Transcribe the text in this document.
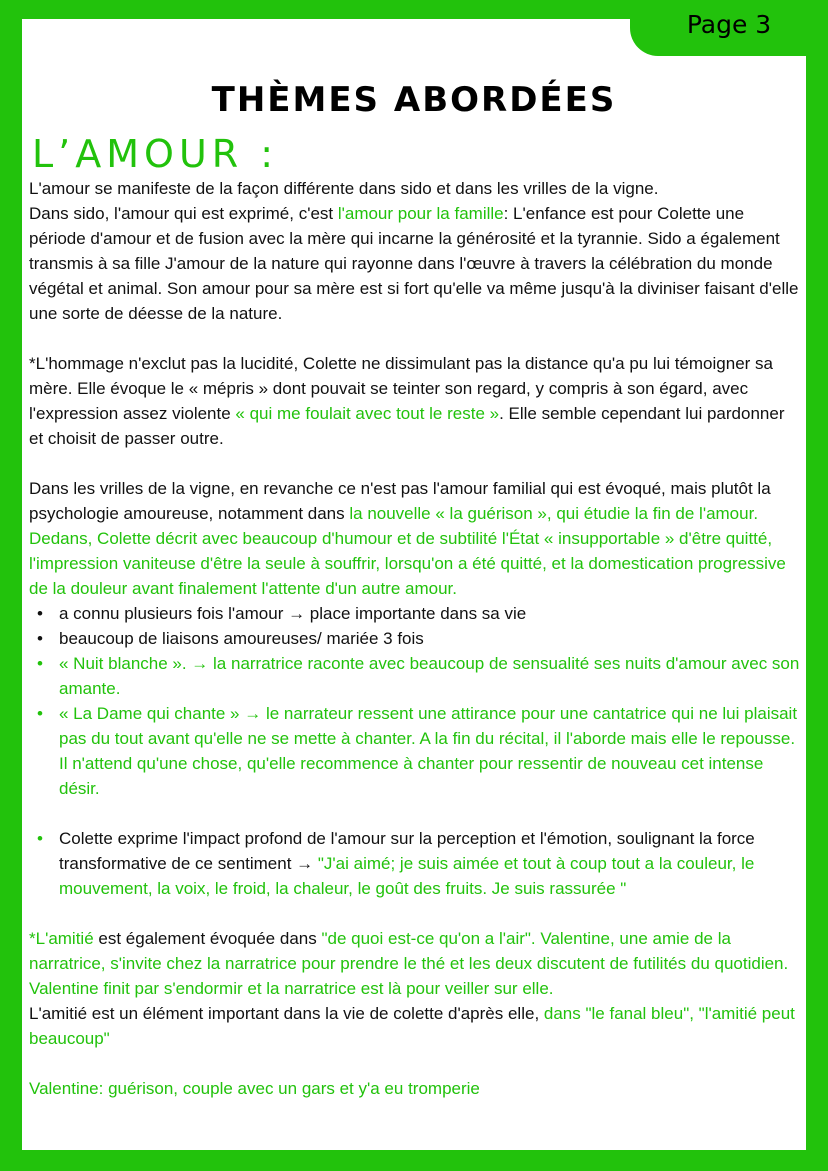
Page 3
THÈMES ABORDÉES
L’AMOUR :

L'amour se manifeste de la façon différente dans sido et dans les vrilles de la vigne.
Dans sido, l'amour qui est exprimé, c'est l'amour pour la famille: L'enfance est pour Colette une période d'amour et de fusion avec la mère qui incarne la générosité et la tyrannie. Sido a également transmis à sa fille J'amour de la nature qui rayonne dans l'œuvre à travers la célébration du monde végétal et animal. Son amour pour sa mère est si fort qu'elle va même jusqu'à la diviniser faisant d'elle une sorte de déesse de la nature.

*L'hommage n'exclut pas la lucidité, Colette ne dissimulant pas la distance qu'a pu lui témoigner sa mère. Elle évoque le « mépris » dont pouvait se teinter son regard, y compris à son égard, avec l'expression assez violente « qui me foulait avec tout le reste ». Elle semble cependant lui pardonner et choisit de passer outre.

Dans les vrilles de la vigne, en revanche ce n'est pas l'amour familial qui est évoqué, mais plutôt la psychologie amoureuse, notamment dans la nouvelle « la guérison », qui étudie la fin de l'amour. Dedans, Colette décrit avec beaucoup d'humour et de subtilité l'État « insupportable » d'être quitté, l'impression vaniteuse d'être la seule à souffrir, lorsqu'on a été quitté, et la domestication progressive de la douleur avant finalement l'attente d'un autre amour.

• a connu plusieurs fois l'amour → place importante dans sa vie
• beaucoup de liaisons amoureuses/ mariée 3 fois
• « Nuit blanche ». → la narratrice raconte avec beaucoup de sensualité ses nuits d'amour avec son amante.
• « La Dame qui chante » → le narrateur ressent une attirance pour une cantatrice qui ne lui plaisait pas du tout avant qu'elle ne se mette à chanter. A la fin du récital, il l'aborde mais elle le repousse. Il n'attend qu'une chose, qu'elle recommence à chanter pour ressentir de nouveau cet intense désir.
• Colette exprime l'impact profond de l'amour sur la perception et l'émotion, soulignant la force transformative de ce sentiment → "J'ai aimé; je suis aimée et tout à coup tout a la couleur, le mouvement, la voix, le froid, la chaleur, le goût des fruits. Je suis rassurée "

*L'amitié est également évoquée dans "de quoi est-ce qu'on a l'air". Valentine, une amie de la narratrice, s'invite chez la narratrice pour prendre le thé et les deux discutent de futilités du quotidien. Valentine finit par s'endormir et la narratrice est là pour veiller sur elle.
L'amitié est un élément important dans la vie de colette d'après elle, dans "le fanal bleu", "l'amitié peut beaucoup"

Valentine: guérison, couple avec un gars et y'a eu tromperie
